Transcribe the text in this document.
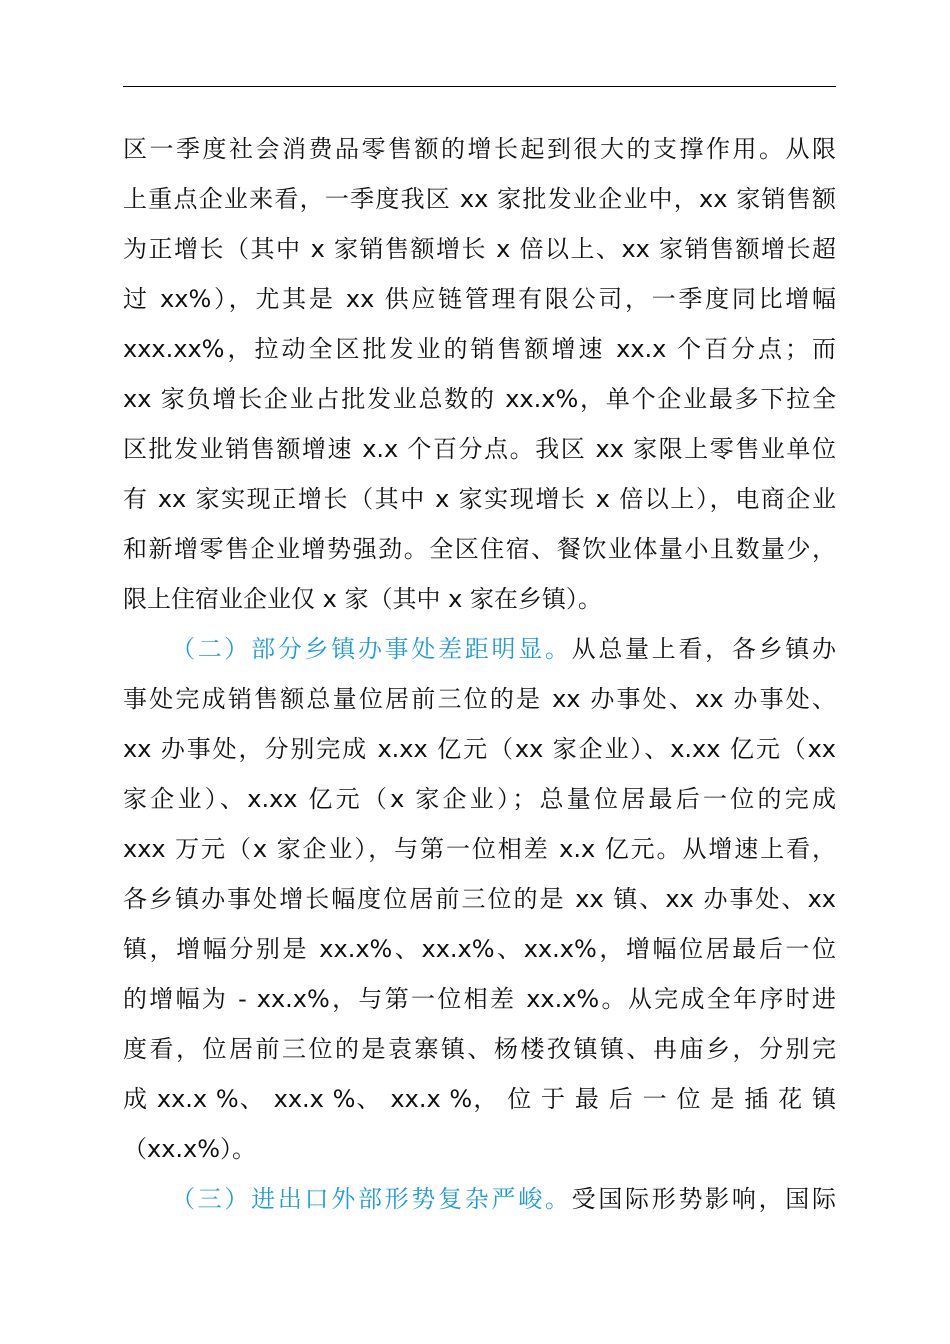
区一季度社会消费品零售额的增长起到很大的支撑作用。从限
上重点企业来看，一季度我区 xx 家批发业企业中，xx 家销售额
为正增长（其中 x 家销售额增长 x 倍以上、xx 家销售额增长超
过 xx%），尤其是 xx 供应链管理有限公司，一季度同比增幅
xxx.xx%，拉动全区批发业的销售额增速 xx.x 个百分点；而
xx 家负增长企业占批发业总数的 xx.x%，单个企业最多下拉全
区批发业销售额增速 x.x 个百分点。我区 xx 家限上零售业单位
有 xx 家实现正增长（其中 x 家实现增长 x 倍以上），电商企业
和新增零售企业增势强劲。全区住宿、餐饮业体量小且数量少，
限上住宿业企业仅 x 家（其中 x 家在乡镇）。
（二）部分乡镇办事处差距明显。从总量上看，各乡镇办
事处完成销售额总量位居前三位的是 xx 办事处、xx 办事处、
xx 办事处，分别完成 x.xx 亿元（xx 家企业）、x.xx 亿元（xx
家企业）、x.xx 亿元（x 家企业）；总量位居最后一位的完成
xxx 万元（x 家企业），与第一位相差 x.x 亿元。从增速上看，
各乡镇办事处增长幅度位居前三位的是 xx 镇、xx 办事处、xx
镇，增幅分别是 xx.x%、xx.x%、xx.x%，增幅位居最后一位
的增幅为 - xx.x%，与第一位相差 xx.x%。从完成全年序时进
度看，位居前三位的是袁寨镇、杨楼孜镇镇、冉庙乡，分别完
成 xx.x %、 xx.x %、 xx.x %， 位 于 最 后 一 位 是 插 花 镇
（xx.x%）。
（三）进出口外部形势复杂严峻。受国际形势影响，国际
